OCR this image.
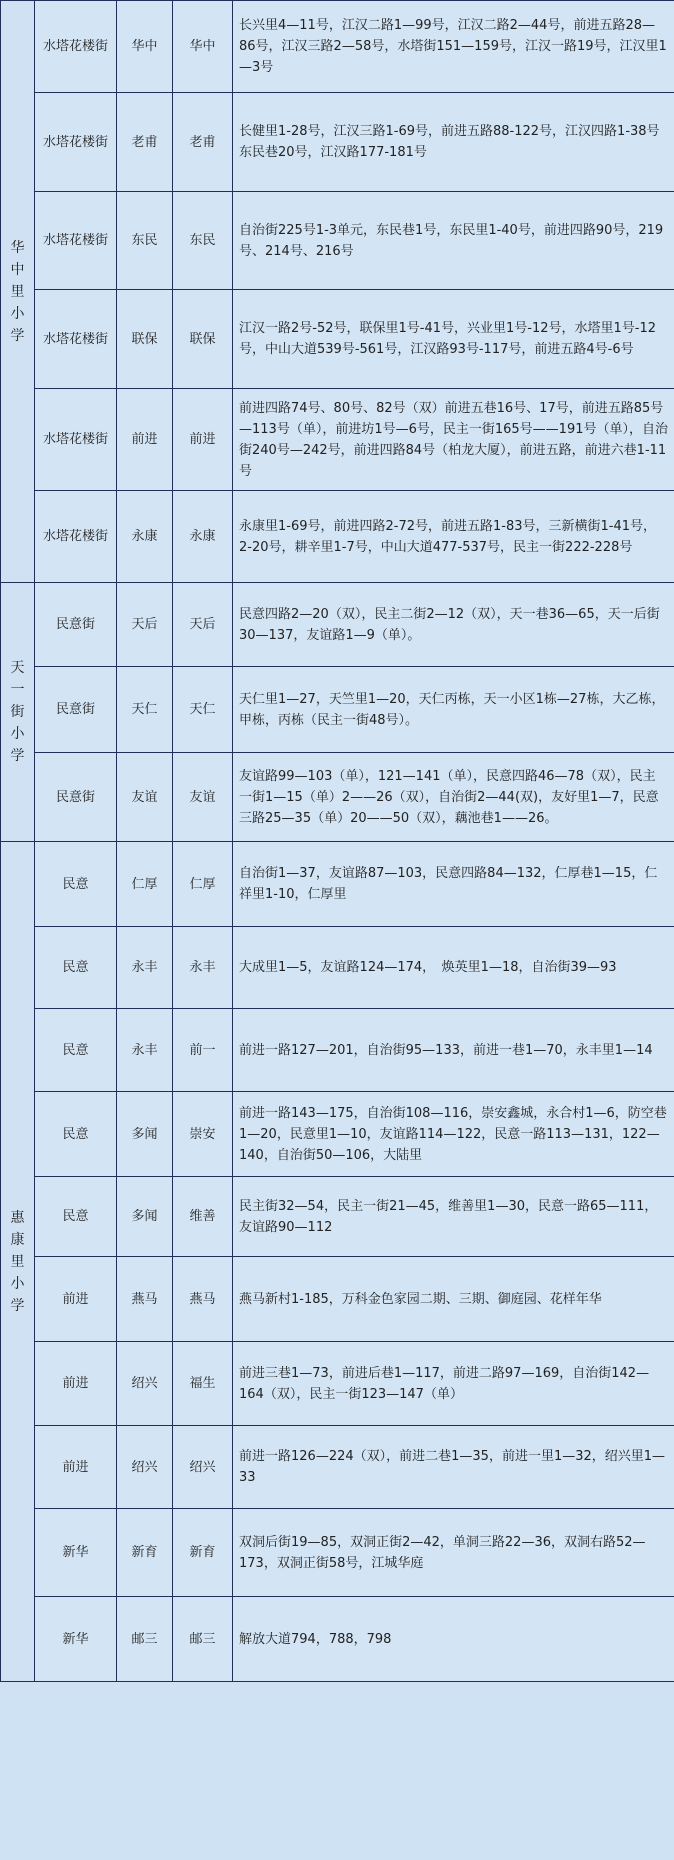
华中里小学	水塔花楼街	华中	华中	长兴里4—11号，江汉二路1—99号，江汉二路2—44号，前进五路28—86号，江汉三路2—58号，水塔街151—159号，江汉一路19号，江汉里1—3号
	水塔花楼街	老甫	老甫	长健里1-28号，江汉三路1-69号，前进五路88-122号，江汉四路1-38号东民巷20号，江汉路177-181号
	水塔花楼街	东民	东民	自治街225号1-3单元，东民巷1号，东民里1-40号，前进四路90号，219号、214号、216号
	水塔花楼街	联保	联保	江汉一路2号-52号，联保里1号-41号，兴业里1号-12号，水塔里1号-12号，中山大道539号-561号，江汉路93号-117号，前进五路4号-6号
	水塔花楼街	前进	前进	前进四路74号、80号、82号（双）前进五巷16号、17号，前进五路85号—113号（单），前进坊1号—6号，民主一街165号——191号（单），自治街240号—242号，前进四路84号（柏龙大厦），前进五路，前进六巷1-11号
	水塔花楼街	永康	永康	永康里1-69号，前进四路2-72号，前进五路1-83号，三新横街1-41号，2-20号，耕辛里1-7号，中山大道477-537号，民主一街222-228号

天一街小学	民意街	天后	天后	民意四路2—20（双），民主二街2—12（双），天一巷36—65，天一后街30—137，友谊路1—9（单）。
	民意街	天仁	天仁	天仁里1—27，天竺里1—20，天仁丙栋，天一小区1栋—27栋，大乙栋，甲栋，丙栋（民主一街48号）。
	民意街	友谊	友谊	友谊路99—103（单），121—141（单），民意四路46—78（双），民主一街1—15（单）2——26（双），自治街2—44(双)，友好里1—7，民意三路25—35（单）20——50（双），藕池巷1——26。

惠康里小学	民意	仁厚	仁厚	自治街1—37，友谊路87—103，民意四路84—132，仁厚巷1—15，仁祥里1-10，仁厚里
	民意	永丰	永丰	大成里1—5，友谊路124—174，　焕英里1—18，自治街39—93
	民意	永丰	前一	前进一路127—201，自治街95—133，前进一巷1—70，永丰里1—14
	民意	多闻	崇安	前进一路143—175，自治街108—116，崇安鑫城，永合村1—6，防空巷1—20，民意里1—10，友谊路114—122，民意一路113—131，122—140，自治街50—106，大陆里
	民意	多闻	维善	民主街32—54，民主一街21—45，维善里1—30，民意一路65—111，友谊路90—112
	前进	燕马	燕马	燕马新村1-185，万科金色家园二期、三期、御庭园、花样年华
	前进	绍兴	福生	前进三巷1—73，前进后巷1—117，前进二路97—169，自治街142—164（双），民主一街123—147（单）
	前进	绍兴	绍兴	前进一路126—224（双），前进二巷1—35，前进一里1—32，绍兴里1—33
	新华	新育	新育	双洞后街19—85，双洞正街2—42，单洞三路22—36，双洞右路52—173，双洞正街58号，江城华庭
	新华	邮三	邮三	解放大道794，788，798
